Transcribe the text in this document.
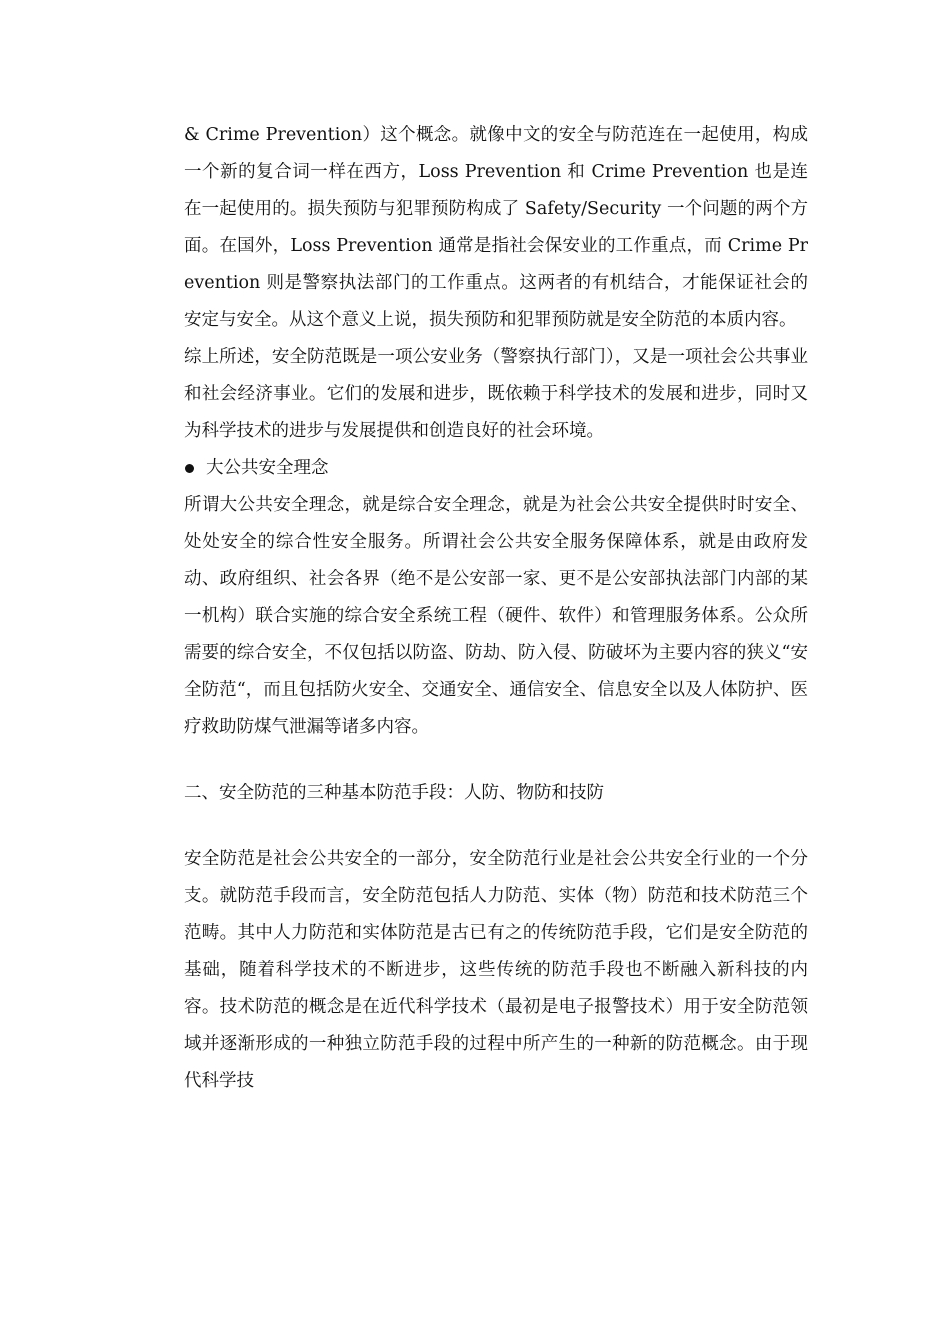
& Crime Prevention）这个概念。就像中文的安全与防范连在一起使用，构成一个新的复合词一样在西方，Loss Prevention 和 Crime Prevention 也是连在一起使用的。损失预防与犯罪预防构成了 Safety/Security 一个问题的两个方面。在国外，Loss Prevention 通常是指社会保安业的工作重点，而 Crime Prevention 则是警察执法部门的工作重点。这两者的有机结合，才能保证社会的安定与安全。从这个意义上说，损失预防和犯罪预防就是安全防范的本质内容。

综上所述，安全防范既是一项公安业务（警察执行部门），又是一项社会公共事业和社会经济事业。它们的发展和进步，既依赖于科学技术的发展和进步，同时又为科学技术的进步与发展提供和创造良好的社会环境。

大公共安全理念

所谓大公共安全理念，就是综合安全理念，就是为社会公共安全提供时时安全、处处安全的综合性安全服务。所谓社会公共安全服务保障体系，就是由政府发动、政府组织、社会各界（绝不是公安部一家、更不是公安部执法部门内部的某一机构）联合实施的综合安全系统工程（硬件、软件）和管理服务体系。公众所需要的综合安全，不仅包括以防盗、防劫、防入侵、防破坏为主要内容的狭义“安全防范“，而且包括防火安全、交通安全、通信安全、信息安全以及人体防护、医疗救助防煤气泄漏等诸多内容。

二、安全防范的三种基本防范手段：人防、物防和技防

安全防范是社会公共安全的一部分，安全防范行业是社会公共安全行业的一个分支。就防范手段而言，安全防范包括人力防范、实体（物）防范和技术防范三个范畴。其中人力防范和实体防范是古已有之的传统防范手段，它们是安全防范的基础，随着科学技术的不断进步，这些传统的防范手段也不断融入新科技的内容。技术防范的概念是在近代科学技术（最初是电子报警技术）用于安全防范领域并逐渐形成的一种独立防范手段的过程中所产生的一种新的防范概念。由于现代科学技
